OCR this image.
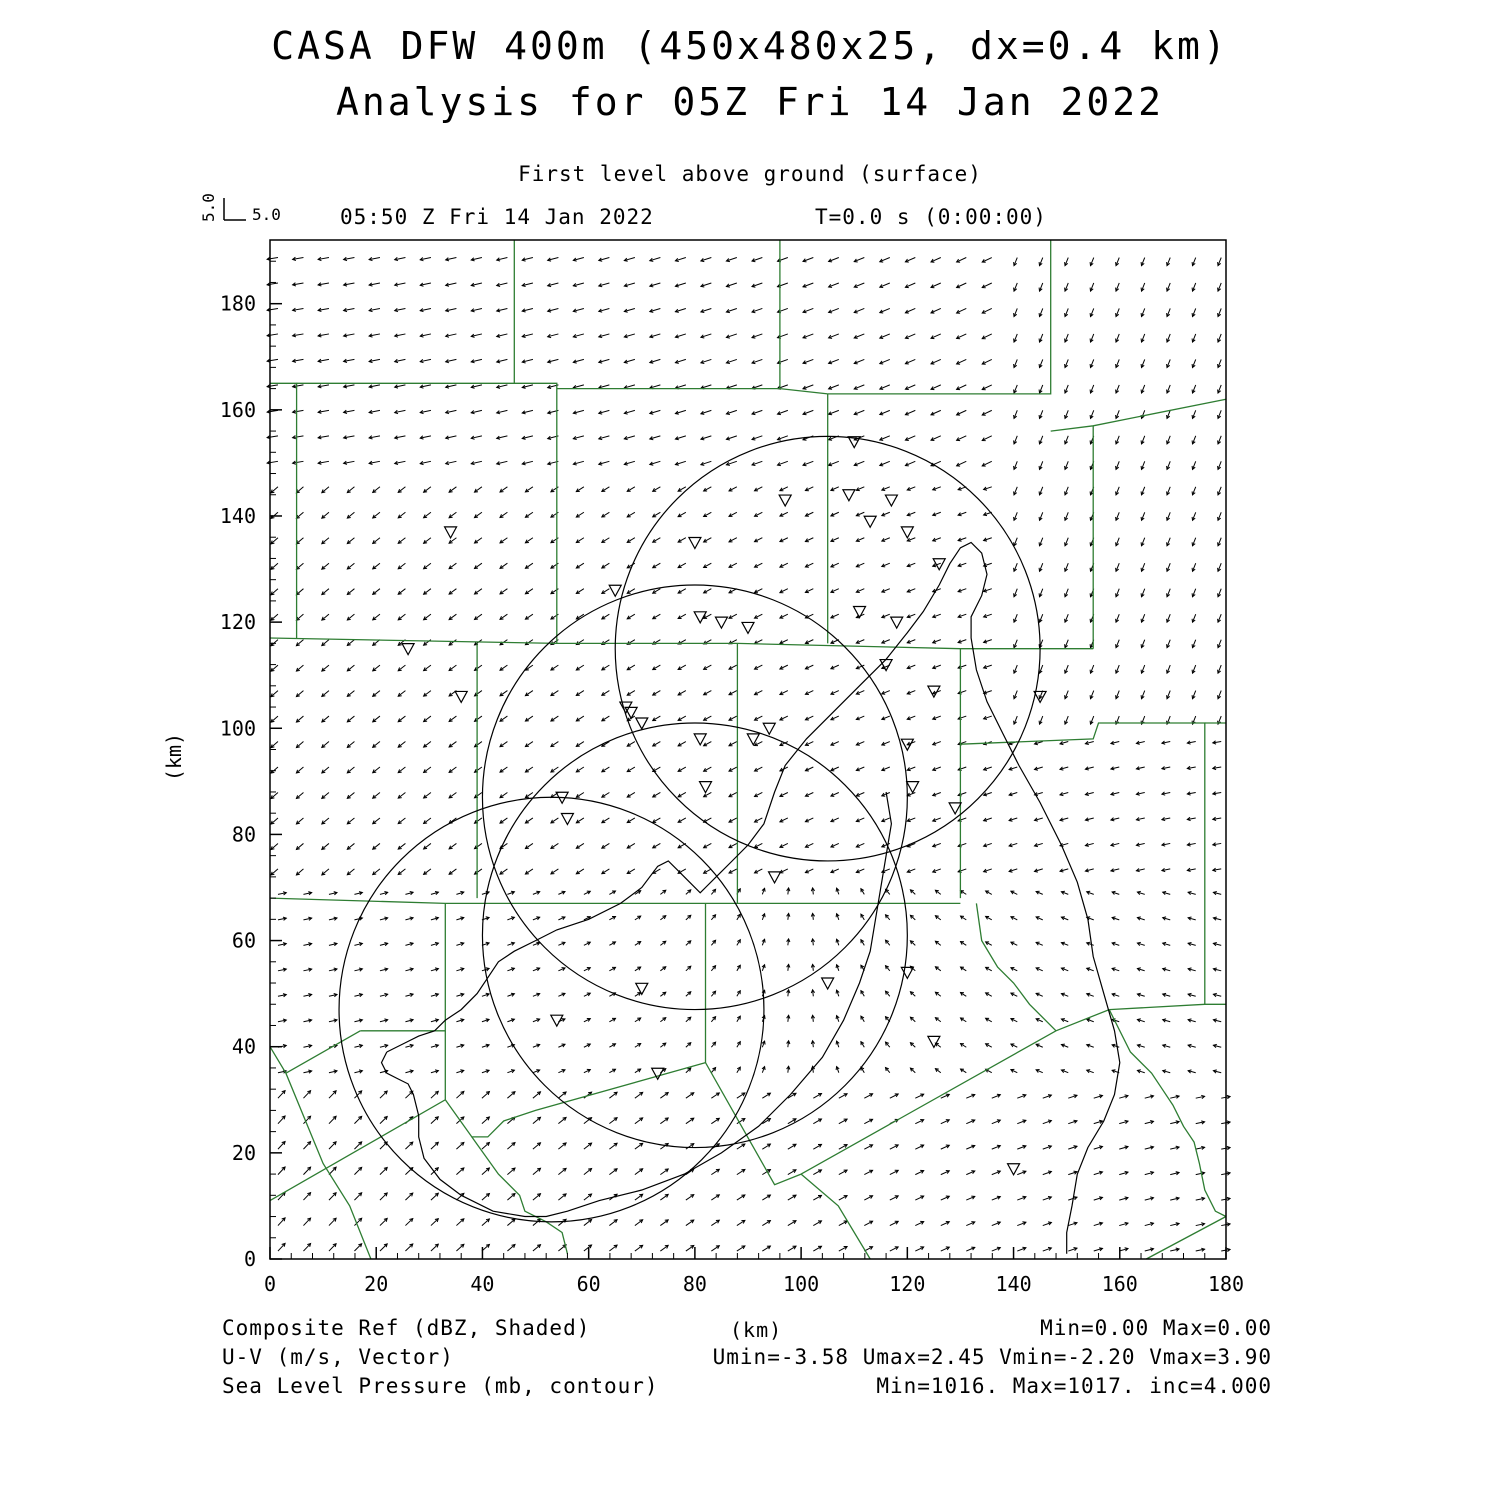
CASA DFW 400m (450x480x25, dx=0.4 km)
Analysis for 05Z Fri 14 Jan 2022
First level above ground (surface)
05:50 Z Fri 14 Jan 2022	T=0.0 s (0:00:00)
0	20	40	60	80	100	120	140	160	180
0
20
40
60
80
100
120
140
160
180
5.0
5.0
(km)
(km)
Composite Ref (dBZ, Shaded)	Min=0.00 Max=0.00
U-V (m/s, Vector)	Umin=-3.58 Umax=2.45 Vmin=-2.20 Vmax=3.90
Sea Level Pressure (mb, contour)	Min=1016. Max=1017. inc=4.000
